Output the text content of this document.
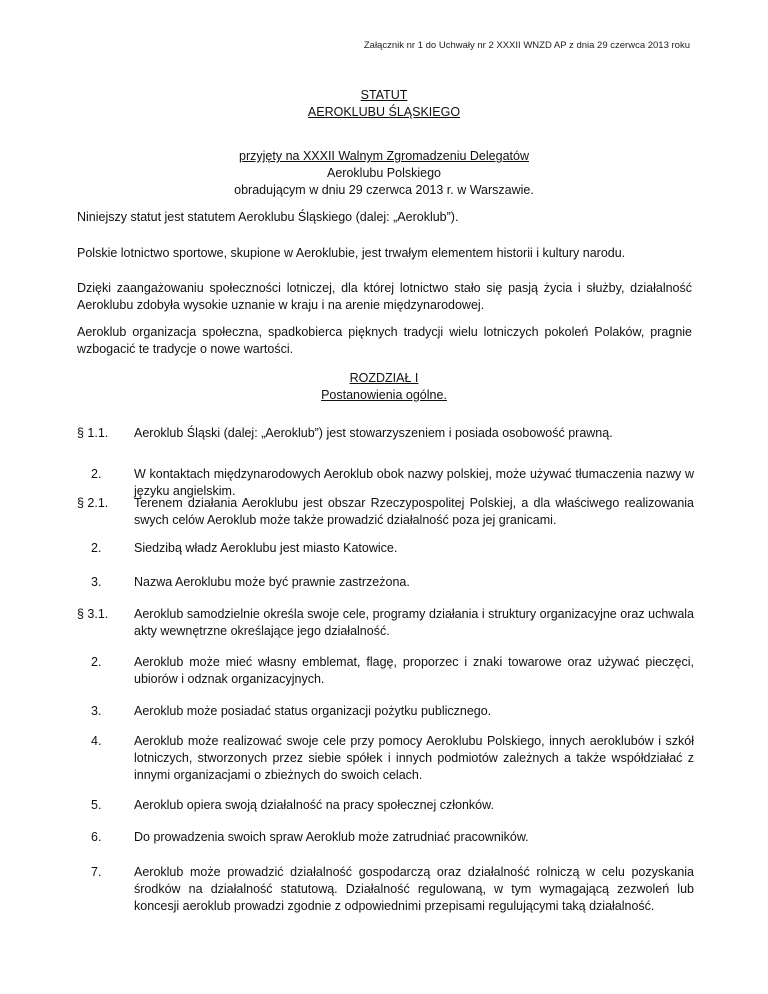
Załącznik nr 1 do Uchwały nr 2 XXXII WNZD AP z dnia 29 czerwca 2013 roku
STATUT
AEROKLUBU ŚLĄSKIEGO
przyjęty na XXXII Walnym Zgromadzeniu Delegatów
Aeroklubu Polskiego
obradującym w dniu 29 czerwca 2013 r. w Warszawie.
Niniejszy statut jest statutem Aeroklubu Śląskiego (dalej: „Aeroklub”).
Polskie lotnictwo sportowe, skupione w Aeroklubie, jest trwałym elementem historii i kultury narodu.
Dzięki zaangażowaniu społeczności lotniczej, dla której lotnictwo stało się pasją życia i służby, działalność Aeroklubu zdobyła wysokie uznanie w kraju i na arenie międzynarodowej.
Aeroklub organizacja społeczna, spadkobierca pięknych tradycji wielu lotniczych pokoleń Polaków, pragnie wzbogacić te tradycje o nowe wartości.
ROZDZIAŁ I
Postanowienia ogólne.
§ 1.1. Aeroklub Śląski (dalej: „Aeroklub”) jest stowarzyszeniem i posiada osobowość prawną.
2.	W kontaktach międzynarodowych Aeroklub obok nazwy polskiej, może używać tłumaczenia nazwy w języku angielskim.
§ 2.1. Terenem działania Aeroklubu jest obszar Rzeczypospolitej Polskiej, a dla właściwego realizowania swych celów Aeroklub może także prowadzić działalność poza jej granicami.
2.	Siedzibą władz Aeroklubu jest miasto Katowice.
3.	Nazwa Aeroklubu może być prawnie zastrzeżona.
§ 3.1. Aeroklub samodzielnie określa swoje cele, programy działania i struktury organizacyjne oraz uchwala akty wewnętrzne określające jego działalność.
2.	Aeroklub może mieć własny emblemat, flagę, proporzec i znaki towarowe oraz używać pieczęci, ubiorów i odznak organizacyjnych.
3.	Aeroklub może posiadać status organizacji pożytku publicznego.
4.	Aeroklub może realizować swoje cele przy pomocy Aeroklubu Polskiego, innych aeroklubów i szkół lotniczych, stworzonych przez siebie spółek i innych podmiotów zależnych a także współdziałać z innymi organizacjami o zbieżnych do swoich celach.
5.	Aeroklub opiera swoją działalność na pracy społecznej członków.
6.	Do prowadzenia swoich spraw Aeroklub może zatrudniać pracowników.
7.	Aeroklub może prowadzić działalność gospodarczą oraz działalność rolniczą w celu pozyskania środków na działalność statutową. Działalność regulowaną, w tym wymagającą zezwoleń lub koncesji aeroklub prowadzi zgodnie z odpowiednimi przepisami regulującymi taką działalność.
